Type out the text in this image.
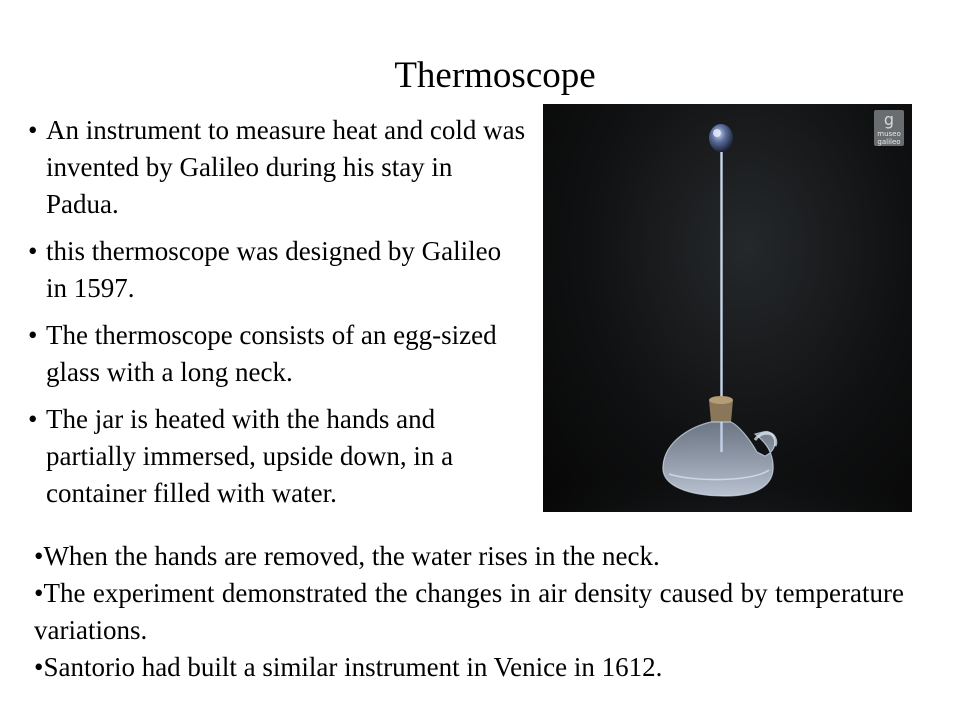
Thermoscope
• An instrument to measure heat and cold was invented by Galileo during his stay in Padua.
• this thermoscope was designed by Galileo in 1597.
• The thermoscope consists of an egg-sized glass with a long neck.
• The jar is heated with the hands and partially immersed, upside down, in a container filled with water.
g
museo
galileo

•When the hands are removed, the water rises in the neck.

•The experiment demonstrated the changes in air density caused by temperature variations.

•Santorio had built a similar instrument in Venice in 1612.
